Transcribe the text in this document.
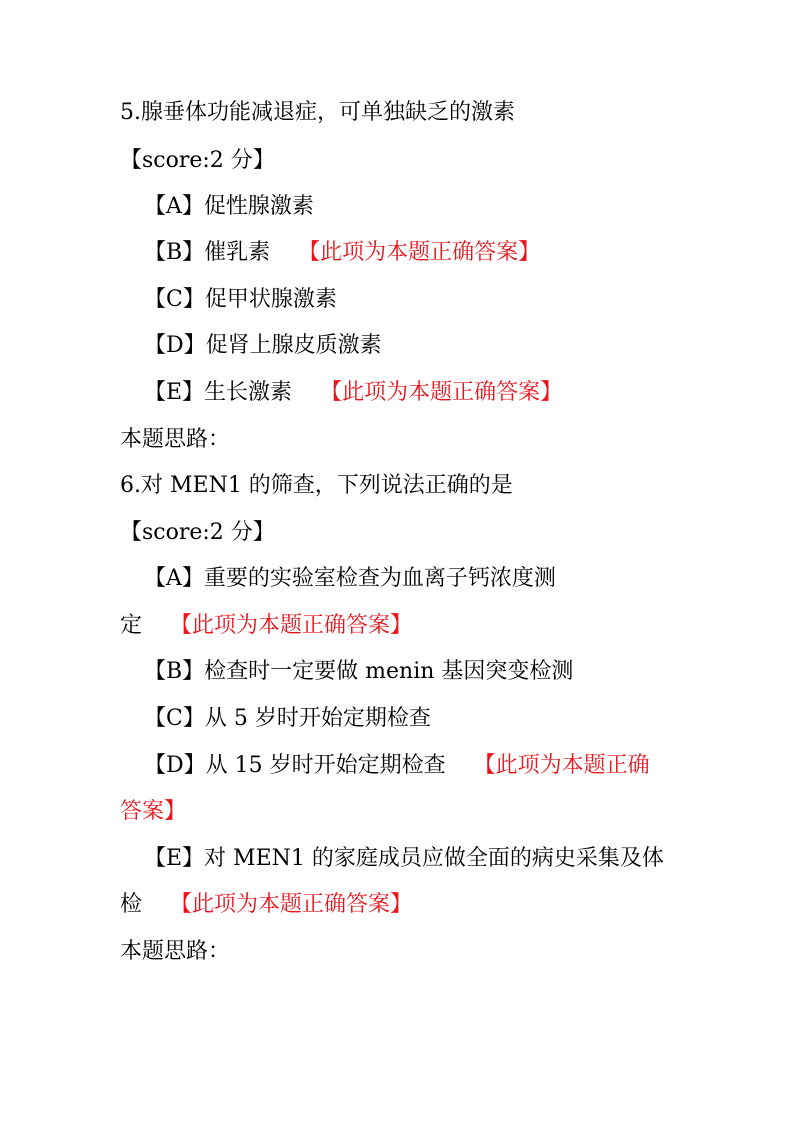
5.腺垂体功能减退症，可单独缺乏的激素
【score:2 分】
【A】促性腺激素
【B】催乳素 【此项为本题正确答案】
【C】促甲状腺激素
【D】促肾上腺皮质激素
【E】生长激素 【此项为本题正确答案】
本题思路：
6.对 MEN1 的筛查，下列说法正确的是
【score:2 分】
【A】重要的实验室检查为血离子钙浓度测
定 【此项为本题正确答案】
【B】检查时一定要做 menin 基因突变检测
【C】从 5 岁时开始定期检查
【D】从 15 岁时开始定期检查 【此项为本题正确
答案】
【E】对 MEN1 的家庭成员应做全面的病史采集及体
检 【此项为本题正确答案】
本题思路：
